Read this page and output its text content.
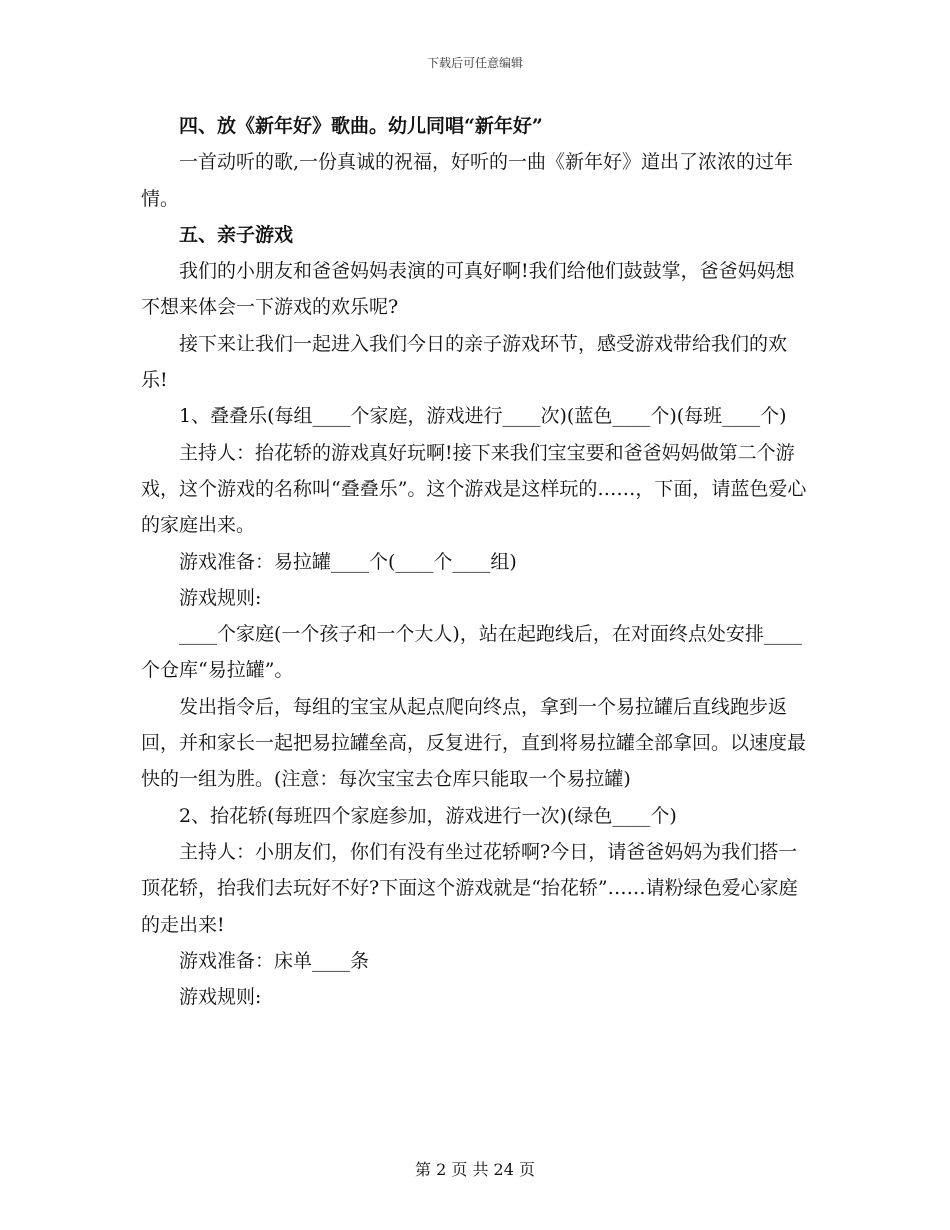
下载后可任意编辑

四、放《新年好》歌曲。幼儿同唱“新年好”

一首动听的歌,一份真诚的祝福，好听的一曲《新年好》道出了浓浓的过年情。

五、亲子游戏

我们的小朋友和爸爸妈妈表演的可真好啊!我们给他们鼓鼓掌，爸爸妈妈想不想来体会一下游戏的欢乐呢?

接下来让我们一起进入我们今日的亲子游戏环节，感受游戏带给我们的欢乐!

1、叠叠乐(每组____个家庭，游戏进行____次)(蓝色____个)(每班____个)

主持人：抬花轿的游戏真好玩啊!接下来我们宝宝要和爸爸妈妈做第二个游戏，这个游戏的名称叫“叠叠乐”。这个游戏是这样玩的……，下面，请蓝色爱心的家庭出来。

游戏准备：易拉罐____个(____个____组)

游戏规则:

____个家庭(一个孩子和一个大人)，站在起跑线后，在对面终点处安排____个仓库“易拉罐”。

发出指令后，每组的宝宝从起点爬向终点，拿到一个易拉罐后直线跑步返回，并和家长一起把易拉罐垒高，反复进行，直到将易拉罐全部拿回。以速度最快的一组为胜。(注意：每次宝宝去仓库只能取一个易拉罐)

2、抬花轿(每班四个家庭参加，游戏进行一次)(绿色____个)

主持人：小朋友们，你们有没有坐过花轿啊?今日，请爸爸妈妈为我们搭一顶花轿，抬我们去玩好不好?下面这个游戏就是“抬花轿”……请粉绿色爱心家庭的走出来!

游戏准备：床单____条

游戏规则:

第 2 页 共 24 页
